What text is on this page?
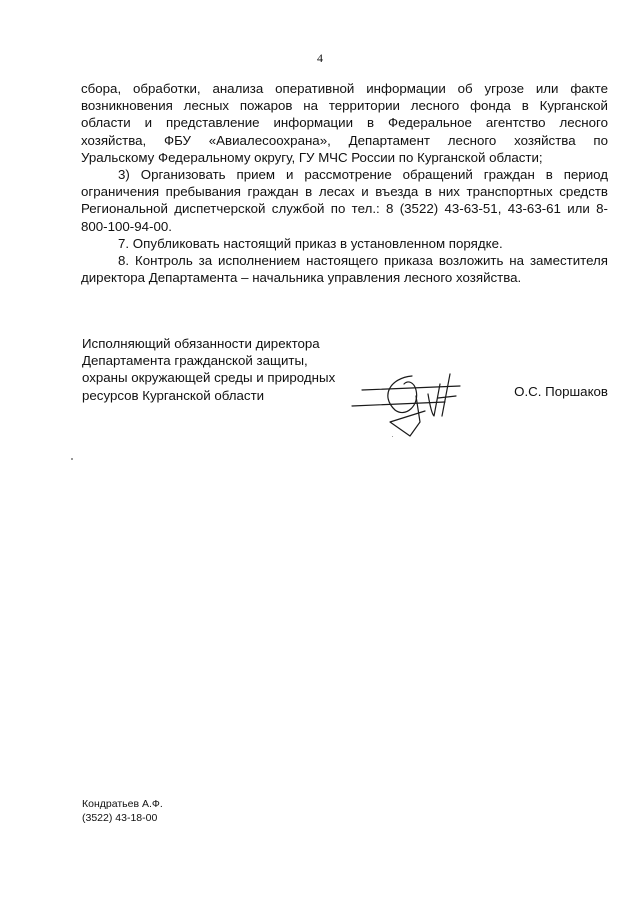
4

сбора, обработки, анализа оперативной информации об угрозе или факте
возникновения лесных пожаров на территории лесного фонда в Курганской
области и представление информации в Федеральное агентство лесного
хозяйства, ФБУ «Авиалесоохрана», Департамент лесного хозяйства по
Уральскому Федеральному округу, ГУ МЧС России по Курганской области;

3) Организовать прием и рассмотрение обращений граждан в период ограничения пребывания граждан в лесах и въезда в них транспортных средств Региональной диспетчерской службой по тел.: 8 (3522) 43-63-51, 43-63-61 или 8-800-100-94-00.

7. Опубликовать настоящий приказ в установленном порядке.

8. Контроль за исполнением настоящего приказа возложить на заместителя директора Департамента – начальника управления лесного хозяйства.

Исполняющий обязанности директора
Департамента гражданской защиты,
охраны окружающей среды и природных
ресурсов Курганской области	О.С. Поршаков
Кондратьев А.Ф.
(3522) 43-18-00
